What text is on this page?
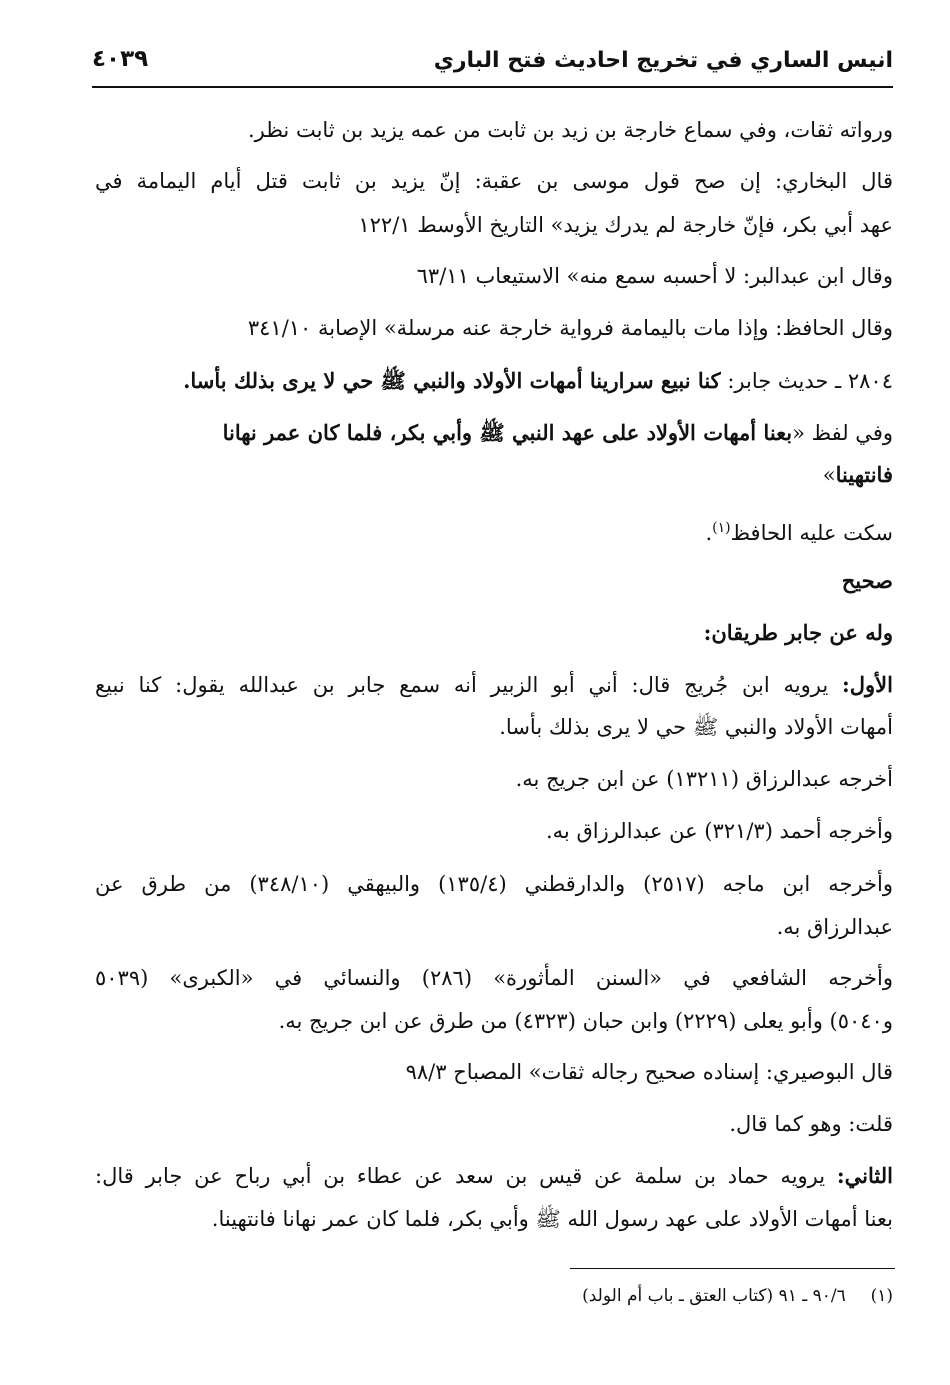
انيس الساري في تخريج احاديث فتح الباري
٤٠٣٩
ورواته ثقات، وفي سماع خارجة بن زيد بن ثابت من عمه يزيد بن ثابت نظر.
قال البخاري: إن صح قول موسى بن عقبة: إنّ يزيد بن ثابت قتل أيام اليمامة في
عهد أبي بكر، فإنّ خارجة لم يدرك يزيد» التاريخ الأوسط ١٢٢/١
وقال ابن عبدالبر: لا أحسبه سمع منه» الاستيعاب ٦٣/١١
وقال الحافظ: وإذا مات باليمامة فرواية خارجة عنه مرسلة» الإصابة ٣٤١/١٠
٢٨٠٤ ـ حديث جابر: كنا نبيع سرارينا أمهات الأولاد والنبي ﷺ حي لا يرى بذلك بأسا.
وفي لفظ «بعنا أمهات الأولاد على عهد النبي ﷺ وأبي بكر، فلما كان عمر نهانا
فانتهينا»
سكت عليه الحافظ$^{(١)}$.
صحيح
وله عن جابر طريقان:
الأول: يرويه ابن جُريج قال: أني أبو الزبير أنه سمع جابر بن عبدالله يقول: كنا نبيع
أمهات الأولاد والنبي ﷺ حي لا يرى بذلك بأسا.
أخرجه عبدالرزاق (١٣٢١١) عن ابن جريج به.
وأخرجه أحمد (٣٢١/٣) عن عبدالرزاق به.
وأخرجه ابن ماجه (٢٥١٧) والدارقطني (١٣٥/٤) والبيهقي (٣٤٨/١٠) من طرق عن
عبدالرزاق به.
وأخرجه الشافعي في «السنن المأثورة» (٢٨٦) والنسائي في «الكبرى» (٥٠٣٩
و٥٠٤٠) وأبو يعلى (٢٢٢٩) وابن حبان (٤٣٢٣) من طرق عن ابن جريج به.
قال البوصيري: إسناده صحيح رجاله ثقات» المصباح ٩٨/٣
قلت: وهو كما قال.
الثاني: يرويه حماد بن سلمة عن قيس بن سعد عن عطاء بن أبي رباح عن جابر قال:
بعنا أمهات الأولاد على عهد رسول الله ﷺ وأبي بكر، فلما كان عمر نهانا فانتهينا.
(١)  ٩٠/٦ ـ ٩١ (كتاب العتق ـ باب أم الولد)
